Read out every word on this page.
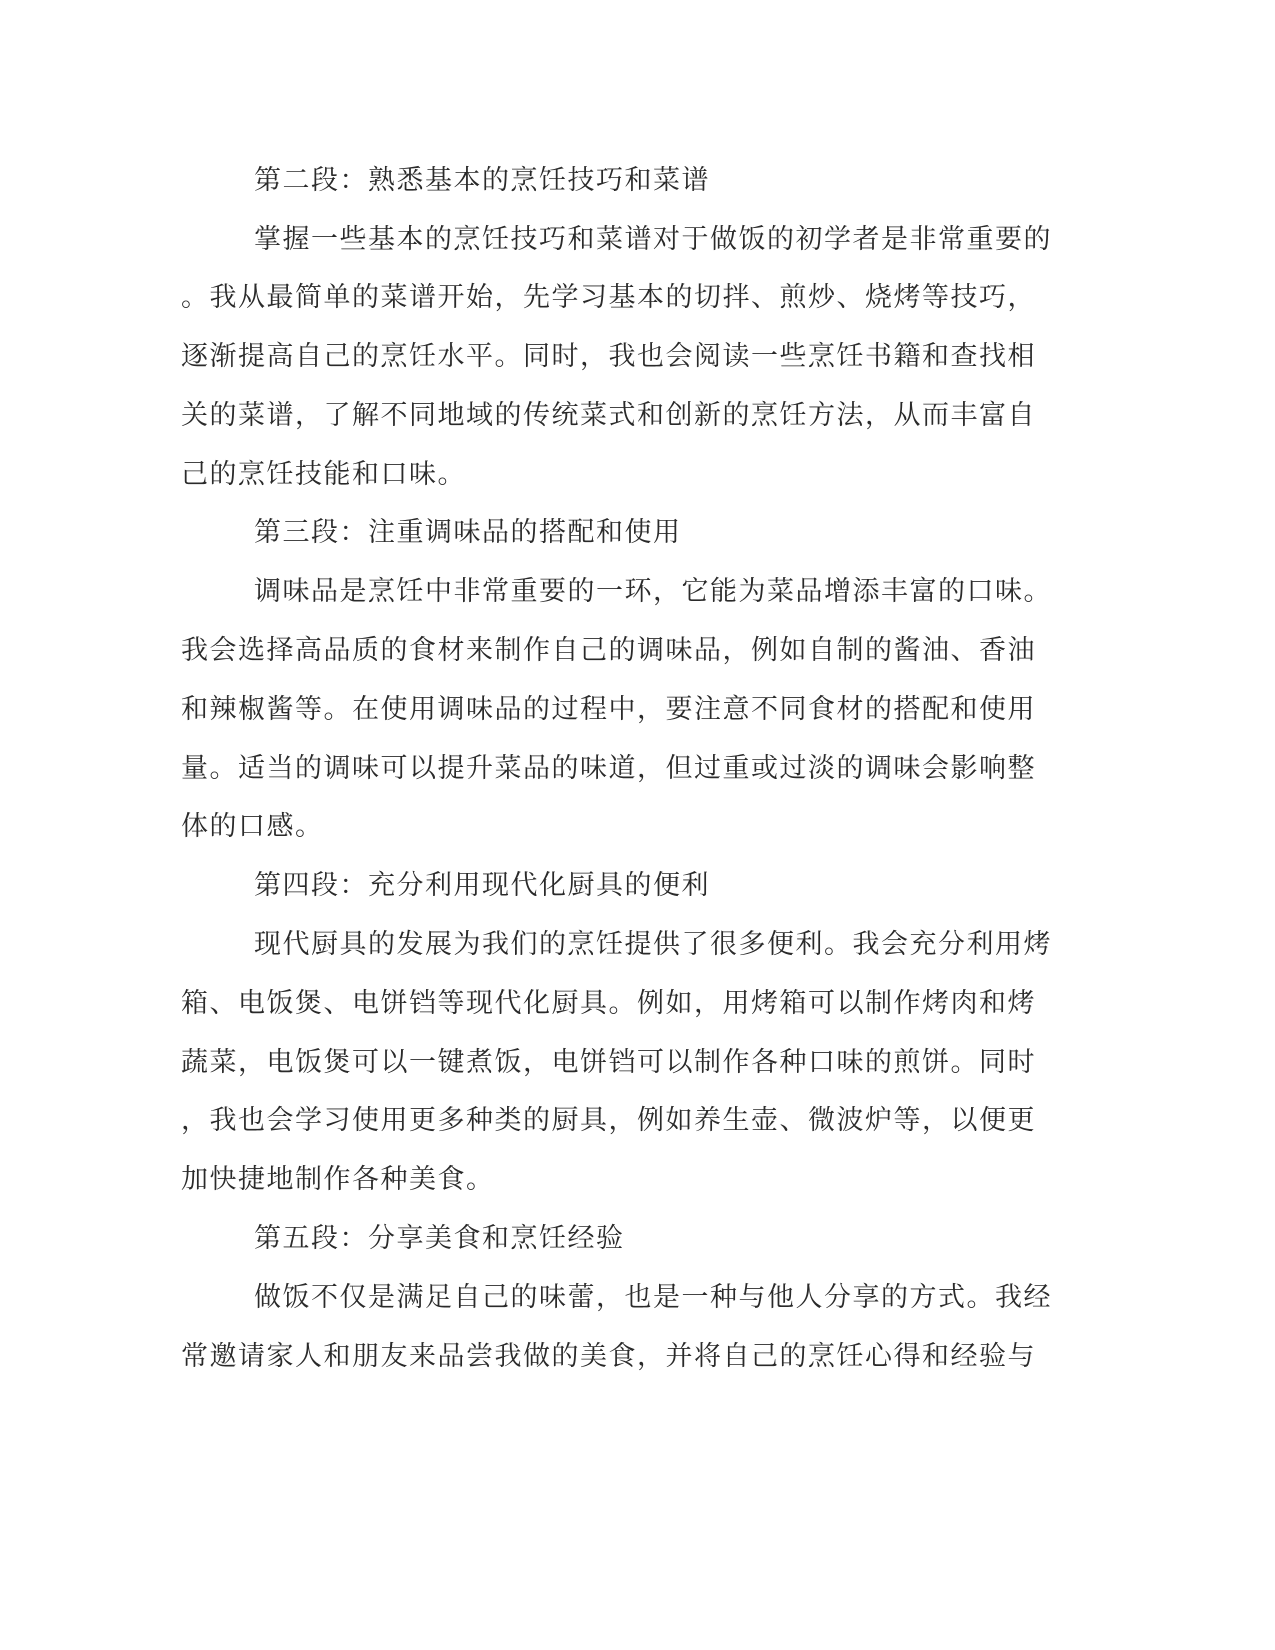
第二段：熟悉基本的烹饪技巧和菜谱
掌握一些基本的烹饪技巧和菜谱对于做饭的初学者是非常重要的
。我从最简单的菜谱开始，先学习基本的切拌、煎炒、烧烤等技巧，
逐渐提高自己的烹饪水平。同时，我也会阅读一些烹饪书籍和查找相
关的菜谱，了解不同地域的传统菜式和创新的烹饪方法，从而丰富自
己的烹饪技能和口味。
第三段：注重调味品的搭配和使用
调味品是烹饪中非常重要的一环，它能为菜品增添丰富的口味。
我会选择高品质的食材来制作自己的调味品，例如自制的酱油、香油
和辣椒酱等。在使用调味品的过程中，要注意不同食材的搭配和使用
量。适当的调味可以提升菜品的味道，但过重或过淡的调味会影响整
体的口感。
第四段：充分利用现代化厨具的便利
现代厨具的发展为我们的烹饪提供了很多便利。我会充分利用烤
箱、电饭煲、电饼铛等现代化厨具。例如，用烤箱可以制作烤肉和烤
蔬菜，电饭煲可以一键煮饭，电饼铛可以制作各种口味的煎饼。同时
，我也会学习使用更多种类的厨具，例如养生壶、微波炉等，以便更
加快捷地制作各种美食。
第五段：分享美食和烹饪经验
做饭不仅是满足自己的味蕾，也是一种与他人分享的方式。我经
常邀请家人和朋友来品尝我做的美食，并将自己的烹饪心得和经验与
